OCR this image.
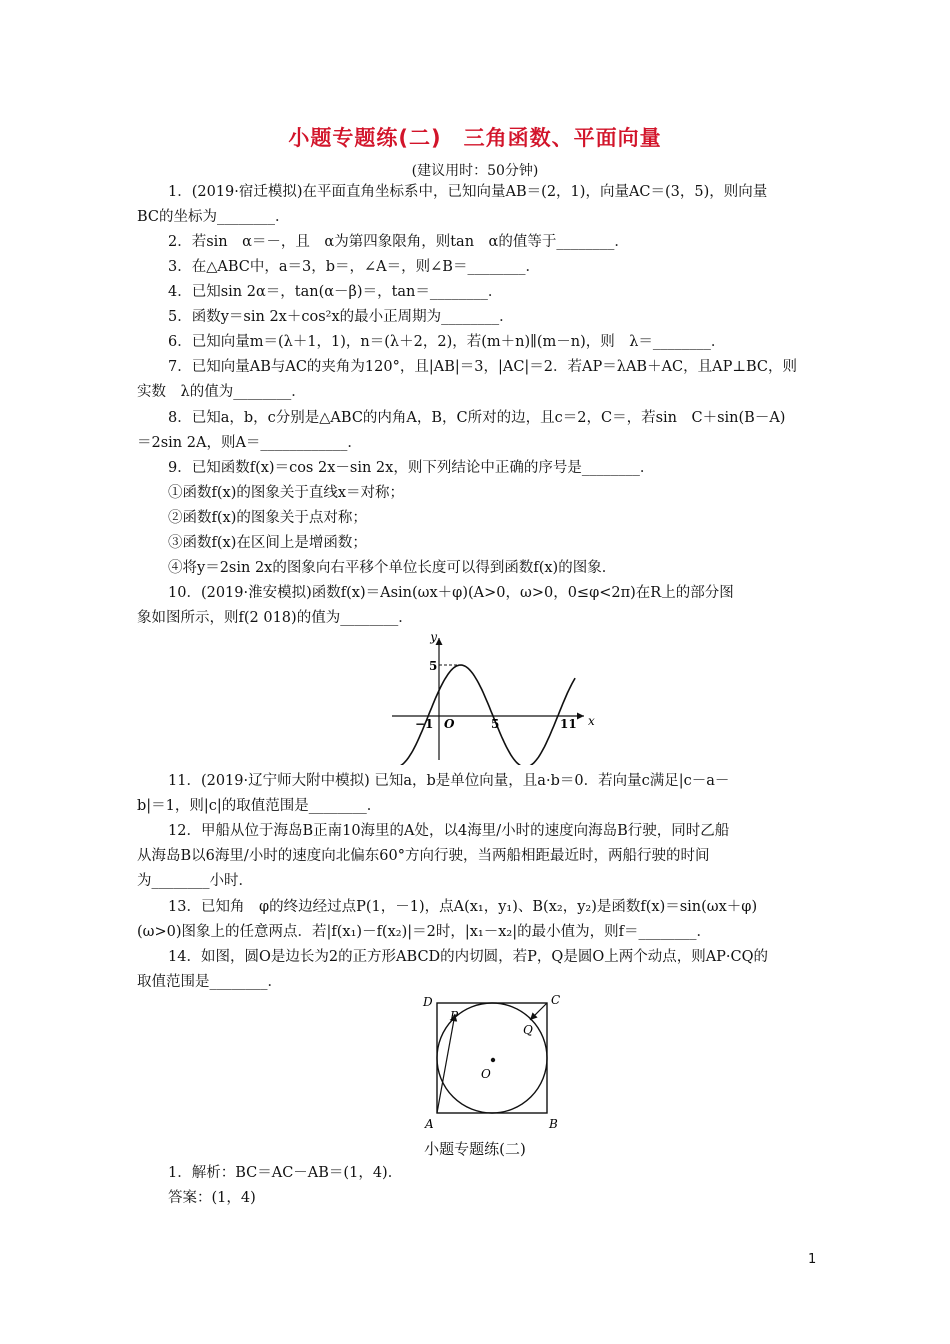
小题专题练(二)　三角函数、平面向量
(建议用时：50分钟)
1．(2019·宿迁模拟)在平面直角坐标系中，已知向量AB＝(2，1)，向量AC＝(3，5)，则向量
BC的坐标为________．
2．若sin　α＝－，且　α为第四象限角，则tan　α的值等于________．
3．在△ABC中，a＝3，b＝，∠A＝，则∠B＝________．
4．已知sin 2α＝，tan(α－β)＝，tan＝________．
5．函数y＝sin 2x＋cos²x的最小正周期为________．
6．已知向量m＝(λ＋1，1)，n＝(λ＋2，2)，若(m＋n)∥(m－n)，则　λ＝________．
7．已知向量AB与AC的夹角为120°，且|AB|＝3，|AC|＝2．若AP＝λAB＋AC，且AP⊥BC，则
实数　λ的值为________．
8．已知a，b，c分别是△ABC的内角A，B，C所对的边，且c＝2，C＝，若sin　C＋sin(B－A)
＝2sin 2A，则A＝____________．
9．已知函数f(x)＝cos 2x－sin 2x，则下列结论中正确的序号是________．
①函数f(x)的图象关于直线x＝对称；
②函数f(x)的图象关于点对称；
③函数f(x)在区间上是增函数；
④将y＝2sin 2x的图象向右平移个单位长度可以得到函数f(x)的图象．
10．(2019·淮安模拟)函数f(x)＝Asin(ωx＋φ)(A>0，ω>0，0≤φ<2π)在R上的部分图
象如图所示，则f(2 018)的值为________．
y
x
5
−1 O	5	11
11．(2019·辽宁师大附中模拟) 已知a，b是单位向量，且a·b＝0．若向量c满足|c－a－
b|＝1，则|c|的取值范围是________．
12．甲船从位于海岛B正南10海里的A处，以4海里/小时的速度向海岛B行驶，同时乙船
从海岛B以6海里/小时的速度向北偏东60°方向行驶，当两船相距最近时，两船行驶的时间
为________小时．
13．已知角　φ的终边经过点P(1，－1)，点A(x₁，y₁)、B(x₂，y₂)是函数f(x)＝sin(ωx＋φ)
(ω>0)图象上的任意两点．若|f(x₁)－f(x₂)|＝2时，|x₁－x₂|的最小值为，则f＝________．
14．如图，圆O是边长为2的正方形ABCD的内切圆，若P，Q是圆O上两个动点，则AP·CQ的
取值范围是________．
D	C
A	B
P
Q
O
小题专题练(二)
1．解析：BC＝AC－AB＝(1，4)．
答案：(1，4)
1
